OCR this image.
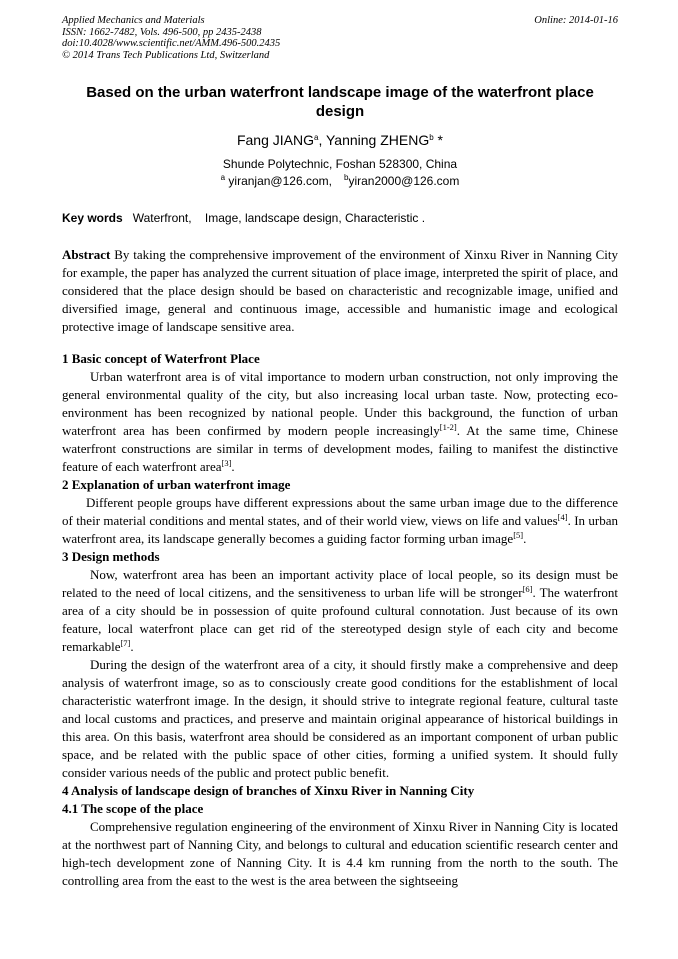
Applied Mechanics and Materials
ISSN: 1662-7482, Vols. 496-500, pp 2435-2438
doi:10.4028/www.scientific.net/AMM.496-500.2435
© 2014 Trans Tech Publications Ltd, Switzerland
Online: 2014-01-16
Based on the urban waterfront landscape image of the waterfront place design
Fang JIANG$^a$, Yanning ZHENG$^b$ *
Shunde Polytechnic, Foshan 528300, China
$^a$ yiranjan@126.com, $^b$yiran2000@126.com
Key words Waterfront,    Image, landscape design, Characteristic .

Abstract By taking the comprehensive improvement of the environment of Xinxu River in Nanning City for example, the paper has analyzed the current situation of place image, interpreted the spirit of place, and considered that the place design should be based on characteristic and recognizable image, unified and diversified image, general and continuous image, accessible and humanistic image and ecological protective image of landscape sensitive area.

1 Basic concept of Waterfront Place

Urban waterfront area is of vital importance to modern urban construction, not only improving the general environmental quality of the city, but also increasing local urban taste. Now, protecting eco-environment has been recognized by national people. Under this background, the function of urban waterfront area has been confirmed by modern people increasingly[1-2]. At the same time, Chinese waterfront constructions are similar in terms of development modes, failing to manifest the distinctive feature of each waterfront area[3].

2 Explanation of urban waterfront image

Different people groups have different expressions about the same urban image due to the difference of their material conditions and mental states, and of their world view, views on life and values[4]. In urban waterfront area, its landscape generally becomes a guiding factor forming urban image[5].

3 Design methods

Now, waterfront area has been an important activity place of local people, so its design must be related to the need of local citizens, and the sensitiveness to urban life will be stronger[6]. The waterfront area of a city should be in possession of quite profound cultural connotation. Just because of its own feature, local waterfront place can get rid of the stereotyped design style of each city and become remarkable[7].

During the design of the waterfront area of a city, it should firstly make a comprehensive and deep analysis of waterfront image, so as to consciously create good conditions for the establishment of local characteristic waterfront image. In the design, it should strive to integrate regional feature, cultural taste and local customs and practices, and preserve and maintain original appearance of historical buildings in this area. On this basis, waterfront area should be considered as an important component of urban public space, and be related with the public space of other cities, forming a unified system. It should fully consider various needs of the public and protect public benefit.

4 Analysis of landscape design of branches of Xinxu River in Nanning City
4.1 The scope of the place

Comprehensive regulation engineering of the environment of Xinxu River in Nanning City is located at the northwest part of Nanning City, and belongs to cultural and education scientific research center and high-tech development zone of Nanning City. It is 4.4 km running from the north to the south. The controlling area from the east to the west is the area between the sightseeing
